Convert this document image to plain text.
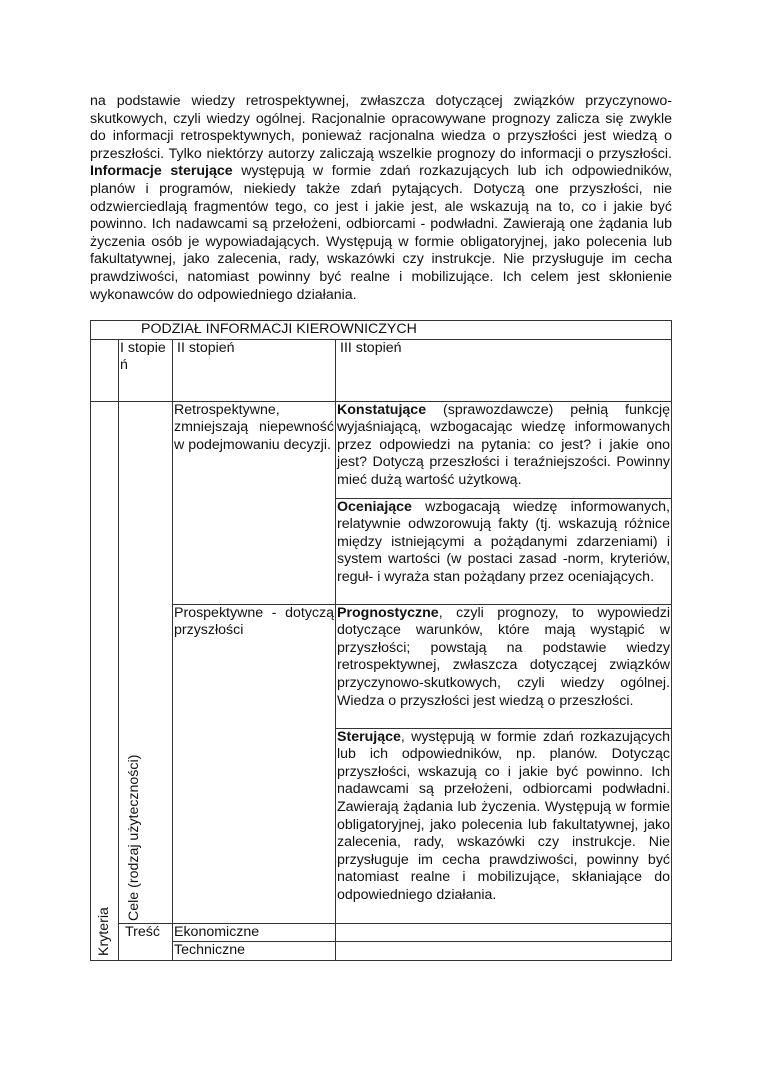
na podstawie wiedzy retrospektywnej, zwłaszcza dotyczącej związków przyczynowo-skutkowych, czyli wiedzy ogólnej. Racjonalnie opracowywane prognozy zalicza się zwykle do informacji retrospektywnych, ponieważ racjonalna wiedza o przyszłości jest wiedzą o przeszłości. Tylko niektórzy autorzy zaliczają wszelkie prognozy do informacji o przyszłości. Informacje sterujące występują w formie zdań rozkazujących lub ich odpowiedników, planów i programów, niekiedy także zdań pytających. Dotyczą one przyszłości, nie odzwierciedlają fragmentów tego, co jest i jakie jest, ale wskazują na to, co i jakie być powinno. Ich nadawcami są przełożeni, odbiorcami - podwładni. Zawierają one żądania lub życzenia osób je wypowiadających. Występują w formie obligatoryjnej, jako polecenia lub fakultatywnej, jako zalecenia, rady, wskazówki czy instrukcje. Nie przysługuje im cecha prawdziwości, natomiast powinny być realne i mobilizujące. Ich celem jest skłonienie wykonawców do odpowiedniego działania.
PODZIAŁ INFORMACJI KIEROWNICZYCH			
	I stopień	II stopień	III stopień

Kryteria	Cele (rodzaj użyteczności)	Retrospektywne, zmniejszają niepewność w podejmowaniu decyzji.	Konstatujące (sprawozdawcze) pełnią funkcję wyjaśniającą, wzbogacając wiedzę informowanych przez odpowiedzi na pytania: co jest? i jakie ono jest? Dotyczą przeszłości i teraźniejszości. Powinny mieć dużą wartość użytkową.
			Oceniające wzbogacają wiedzę informowanych, relatywnie odwzorowują fakty (tj. wskazują różnice między istniejącymi a pożądanymi zdarzeniami) i system wartości (w postaci zasad -norm, kryteriów, reguł- i wyraża stan pożądany przez oceniających.
		Prospektywne - dotyczą przyszłości	Prognostyczne, czyli prognozy, to wypowiedzi dotyczące warunków, które mają wystąpić w przyszłości; powstają na podstawie wiedzy retrospektywnej, zwłaszcza dotyczącej związków przyczynowo-skutkowych, czyli wiedzy ogólnej. Wiedza o przyszłości jest wiedzą o przeszłości.
			Sterujące, występują w formie zdań rozkazujących lub ich odpowiedników, np. planów. Dotycząc przyszłości, wskazują co i jakie być powinno. Ich nadawcami są przełożeni, odbiorcami podwładni. Zawierają żądania lub życzenia. Występują w formie obligatoryjnej, jako polecenia lub fakultatywnej, jako zalecenia, rady, wskazówki czy instrukcje. Nie przysługuje im cecha prawdziwości, powinny być natomiast realne i mobilizujące, skłaniające do odpowiedniego działania.
	Treść	Ekonomiczne	
		Techniczne	
